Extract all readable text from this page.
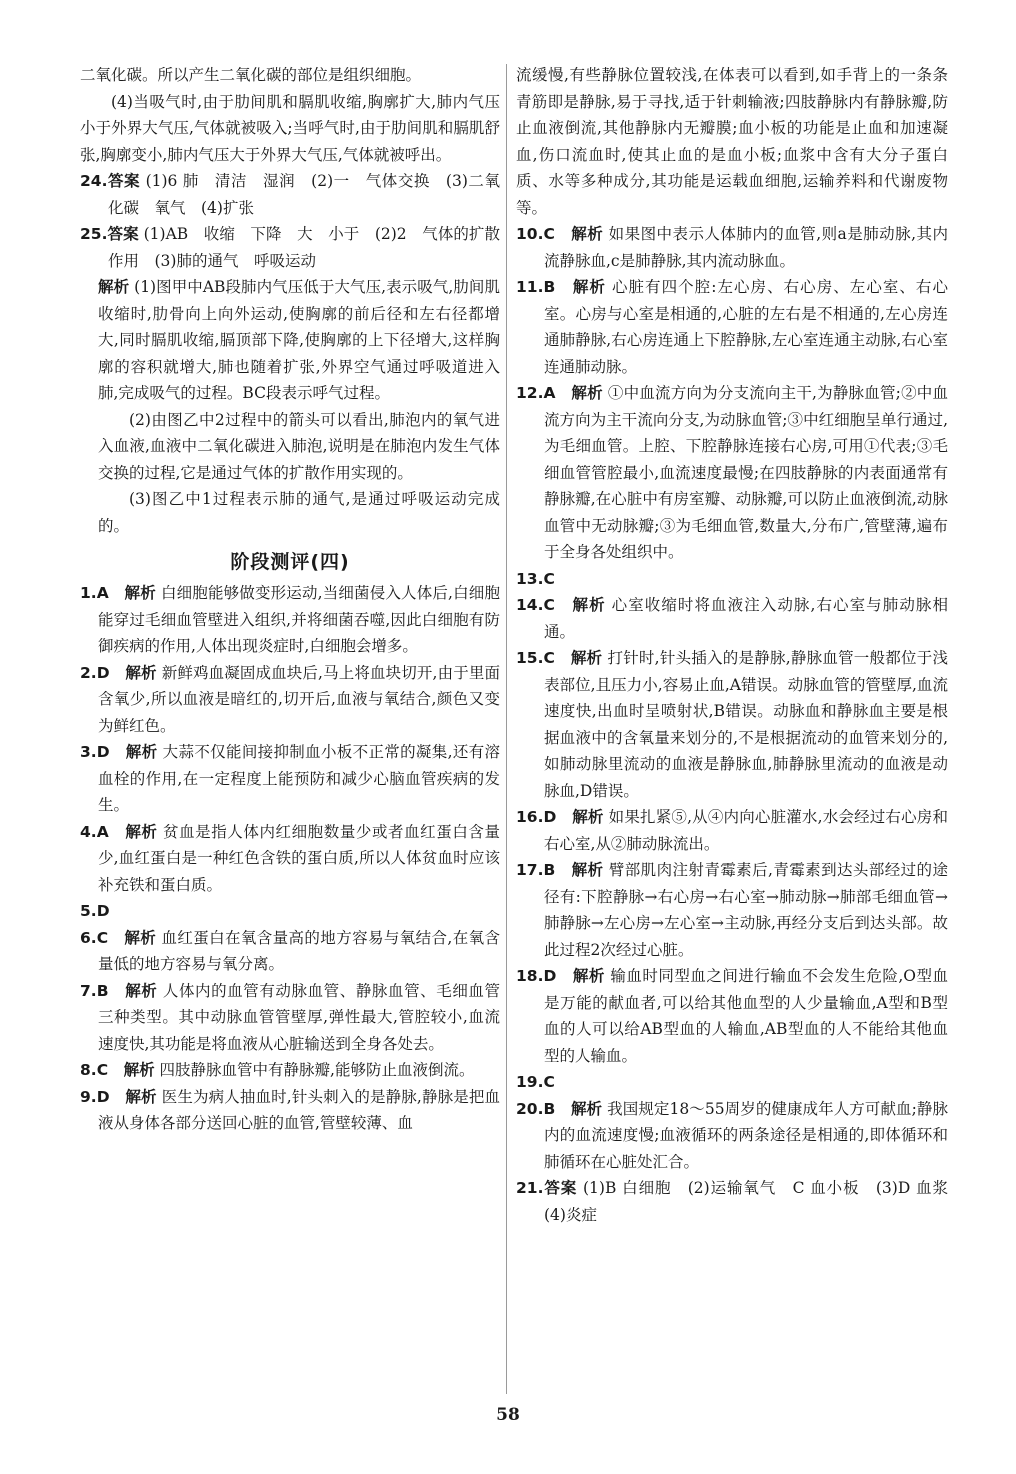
二氧化碳。所以产生二氧化碳的部位是组织细胞。

(4)当吸气时,由于肋间肌和膈肌收缩,胸廓扩大,肺内气压小于外界大气压,气体就被吸入;当呼气时,由于肋间肌和膈肌舒张,胸廓变小,肺内气压大于外界大气压,气体就被呼出。

24.答案 (1)6 肺　清洁　湿润　(2)一　气体交换　(3)二氧化碳　氧气　(4)扩张

25.答案 (1)AB　收缩　下降　大　小于　(2)2　气体的扩散作用　(3)肺的通气　呼吸运动

解析 (1)图甲中AB段肺内气压低于大气压,表示吸气,肋间肌收缩时,肋骨向上向外运动,使胸廓的前后径和左右径都增大,同时膈肌收缩,膈顶部下降,使胸廓的上下径增大,这样胸廓的容积就增大,肺也随着扩张,外界空气通过呼吸道进入肺,完成吸气的过程。BC段表示呼气过程。

(2)由图乙中2过程中的箭头可以看出,肺泡内的氧气进入血液,血液中二氧化碳进入肺泡,说明是在肺泡内发生气体交换的过程,它是通过气体的扩散作用实现的。

(3)图乙中1过程表示肺的通气,是通过呼吸运动完成的。

阶段测评(四)

1.A　 解析 白细胞能够做变形运动,当细菌侵入人体后,白细胞能穿过毛细血管壁进入组织,并将细菌吞噬,因此白细胞有防御疾病的作用,人体出现炎症时,白细胞会增多。

2.D　 解析 新鲜鸡血凝固成血块后,马上将血块切开,由于里面含氧少,所以血液是暗红的,切开后,血液与氧结合,颜色又变为鲜红色。

3.D　 解析 大蒜不仅能间接抑制血小板不正常的凝集,还有溶血栓的作用,在一定程度上能预防和减少心脑血管疾病的发生。

4.A　 解析 贫血是指人体内红细胞数量少或者血红蛋白含量少,血红蛋白是一种红色含铁的蛋白质,所以人体贫血时应该补充铁和蛋白质。

5.D　

6.C　 解析 血红蛋白在氧含量高的地方容易与氧结合,在氧含量低的地方容易与氧分离。

7.B　 解析 人体内的血管有动脉血管、静脉血管、毛细血管三种类型。其中动脉血管管壁厚,弹性最大,管腔较小,血流速度快,其功能是将血液从心脏输送到全身各处去。

8.C　 解析 四肢静脉血管中有静脉瓣,能够防止血液倒流。

9.D　 解析 医生为病人抽血时,针头刺入的是静脉,静脉是把血液从身体各部分送回心脏的血管,管壁较薄、血

流缓慢,有些静脉位置较浅,在体表可以看到,如手背上的一条条青筋即是静脉,易于寻找,适于针刺输液;四肢静脉内有静脉瓣,防止血液倒流,其他静脉内无瓣膜;血小板的功能是止血和加速凝血,伤口流血时,使其止血的是血小板;血浆中含有大分子蛋白质、水等多种成分,其功能是运载血细胞,运输养料和代谢废物等。

10.C　 解析 如果图中表示人体肺内的血管,则a是肺动脉,其内流静脉血,c是肺静脉,其内流动脉血。

11.B　 解析 心脏有四个腔:左心房、右心房、左心室、右心室。心房与心室是相通的,心脏的左右是不相通的,左心房连通肺静脉,右心房连通上下腔静脉,左心室连通主动脉,右心室连通肺动脉。

12.A　 解析 ①中血流方向为分支流向主干,为静脉血管;②中血流方向为主干流向分支,为动脉血管;③中红细胞呈单行通过,为毛细血管。上腔、下腔静脉连接右心房,可用①代表;③毛细血管管腔最小,血流速度最慢;在四肢静脉的内表面通常有静脉瓣,在心脏中有房室瓣、动脉瓣,可以防止血液倒流,动脉血管中无动脉瓣;③为毛细血管,数量大,分布广,管壁薄,遍布于全身各处组织中。

13.C　

14.C　 解析 心室收缩时将血液注入动脉,右心室与肺动脉相通。

15.C　 解析 打针时,针头插入的是静脉,静脉血管一般都位于浅表部位,且压力小,容易止血,A错误。动脉血管的管壁厚,血流速度快,出血时呈喷射状,B错误。动脉血和静脉血主要是根据血液中的含氧量来划分的,不是根据流动的血管来划分的,如肺动脉里流动的血液是静脉血,肺静脉里流动的血液是动脉血,D错误。

16.D　 解析 如果扎紧⑤,从④内向心脏灌水,水会经过右心房和右心室,从②肺动脉流出。

17.B　 解析 臂部肌肉注射青霉素后,青霉素到达头部经过的途径有:下腔静脉→右心房→右心室→肺动脉→肺部毛细血管→肺静脉→左心房→左心室→主动脉,再经分支后到达头部。故此过程2次经过心脏。

18.D　 解析 输血时同型血之间进行输血不会发生危险,O型血是万能的献血者,可以给其他血型的人少量输血,A型和B型血的人可以给AB型血的人输血,AB型血的人不能给其他血型的人输血。

19.C　

20.B　 解析 我国规定18～55周岁的健康成年人方可献血;静脉内的血流速度慢;血液循环的两条途径是相通的,即体循环和肺循环在心脏处汇合。

21.答案 (1)B 白细胞　(2)运输氧气　C 血小板　(3)D 血浆　(4)炎症

58
